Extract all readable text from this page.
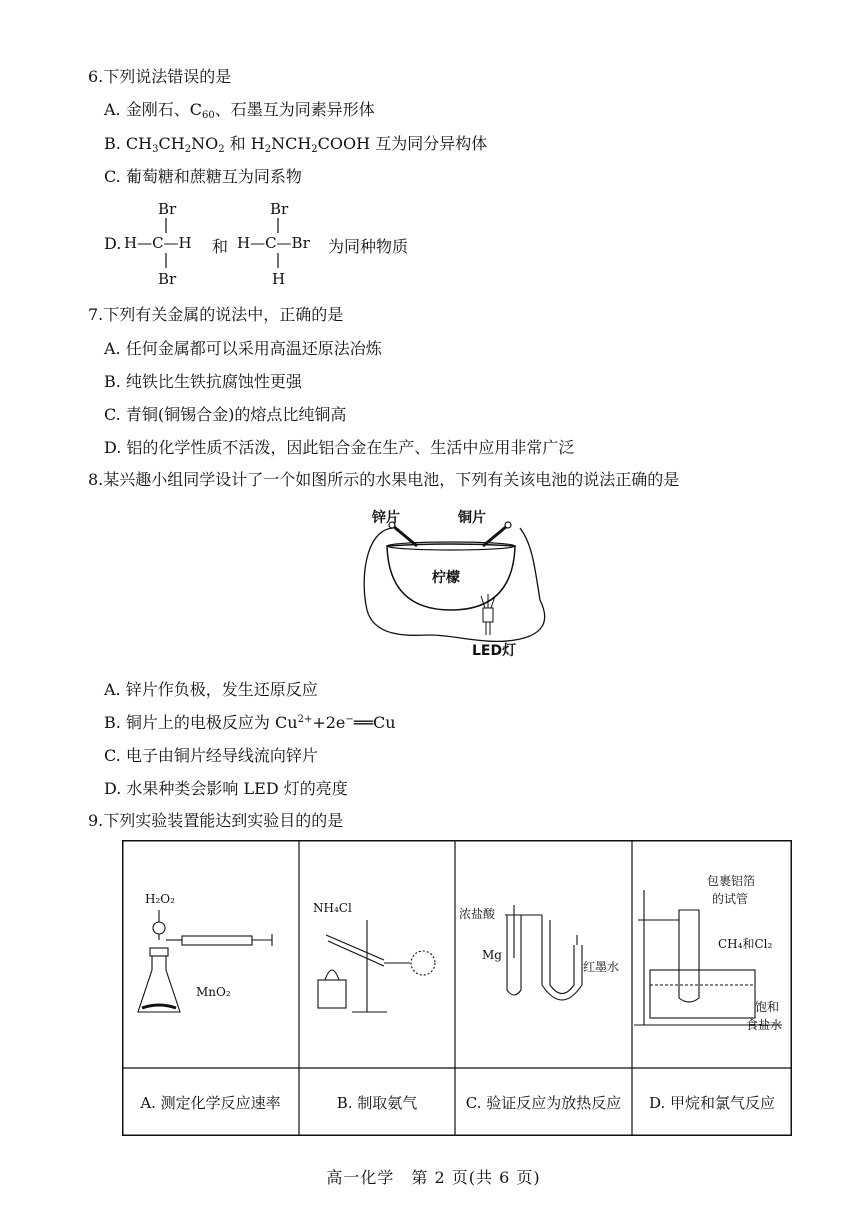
6.下列说法错误的是
A. 金刚石、$C_{60}$、石墨互为同素异形体
B. $CH_3CH_2NO_2$ 和 $H_2NCH_2COOH$ 互为同分异构体
C. 葡萄糖和蔗糖互为同系物
D.
Br
H—C—H
Br
和
Br
H—C—Br
H
为同种物质
7.下列有关金属的说法中，正确的是
A. 任何金属都可以采用高温还原法冶炼
B. 纯铁比生铁抗腐蚀性更强
C. 青铜(铜锡合金)的熔点比纯铜高
D. 铝的化学性质不活泼，因此铝合金在生产、生活中应用非常广泛
8.某兴趣小组同学设计了一个如图所示的水果电池，下列有关该电池的说法正确的是
锌片	铜片
柠檬
LED灯
A. 锌片作负极，发生还原反应
B. 铜片上的电极反应为 $Cu^{2+}+2e^-══Cu$
C. 电子由铜片经导线流向锌片
D. 水果种类会影响 LED 灯的亮度
9.下列实验装置能达到实验目的的是
H₂O₂
MnO₂
NH₄Cl	浓盐酸
Mg
红墨水
包裹铝箔
的试管
CH₄和Cl₂
饱和
食盐水
A. 测定化学反应速率	B. 制取氨气	C. 验证反应为放热反应	D. 甲烷和氯气反应
高一化学　第 2 页(共 6 页)
